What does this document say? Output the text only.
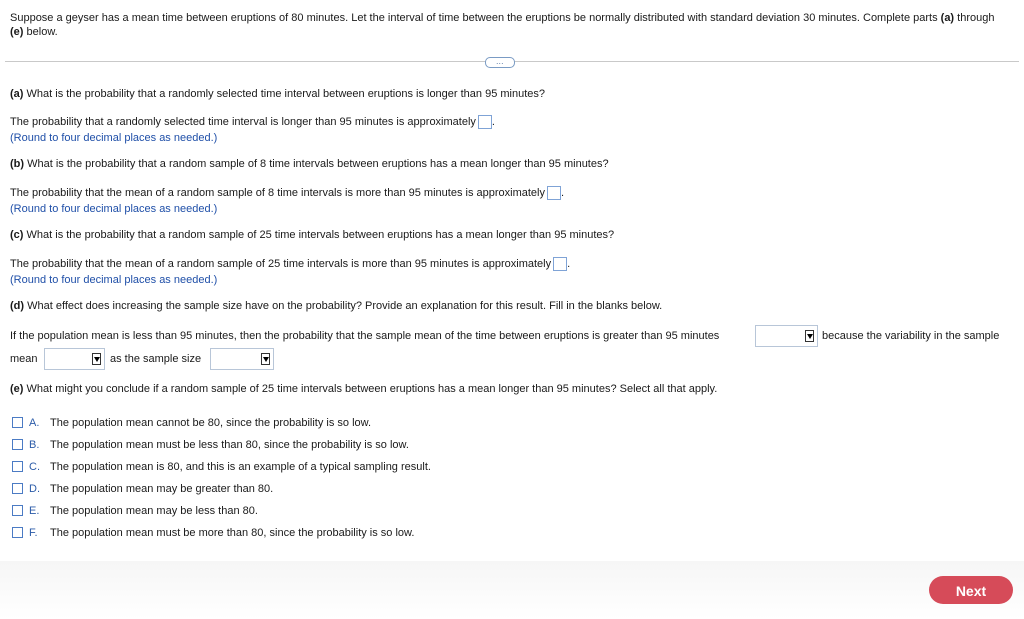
Suppose a geyser has a mean time between eruptions of 80 minutes. Let the interval of time between the eruptions be normally distributed with standard deviation 30 minutes. Complete parts (a) through (e) below.
…
(a) What is the probability that a randomly selected time interval between eruptions is longer than 95 minutes?
The probability that a randomly selected time interval is longer than 95 minutes is approximately .
(Round to four decimal places as needed.)
(b) What is the probability that a random sample of 8 time intervals between eruptions has a mean longer than 95 minutes?
The probability that the mean of a random sample of 8 time intervals is more than 95 minutes is approximately .
(Round to four decimal places as needed.)
(c) What is the probability that a random sample of 25 time intervals between eruptions has a mean longer than 95 minutes?
The probability that the mean of a random sample of 25 time intervals is more than 95 minutes is approximately .
(Round to four decimal places as needed.)
(d) What effect does increasing the sample size have on the probability? Provide an explanation for this result. Fill in the blanks below.
If the population mean is less than 95 minutes, then the probability that the sample mean of the time between eruptions is greater than 95 minutes	because the variability in the sample
mean	as the sample size
(e) What might you conclude if a random sample of 25 time intervals between eruptions has a mean longer than 95 minutes? Select all that apply.
A. The population mean cannot be 80, since the probability is so low.
B. The population mean must be less than 80, since the probability is so low.
C. The population mean is 80, and this is an example of a typical sampling result.
D. The population mean may be greater than 80.
E. The population mean may be less than 80.
F. The population mean must be more than 80, since the probability is so low.
Next
